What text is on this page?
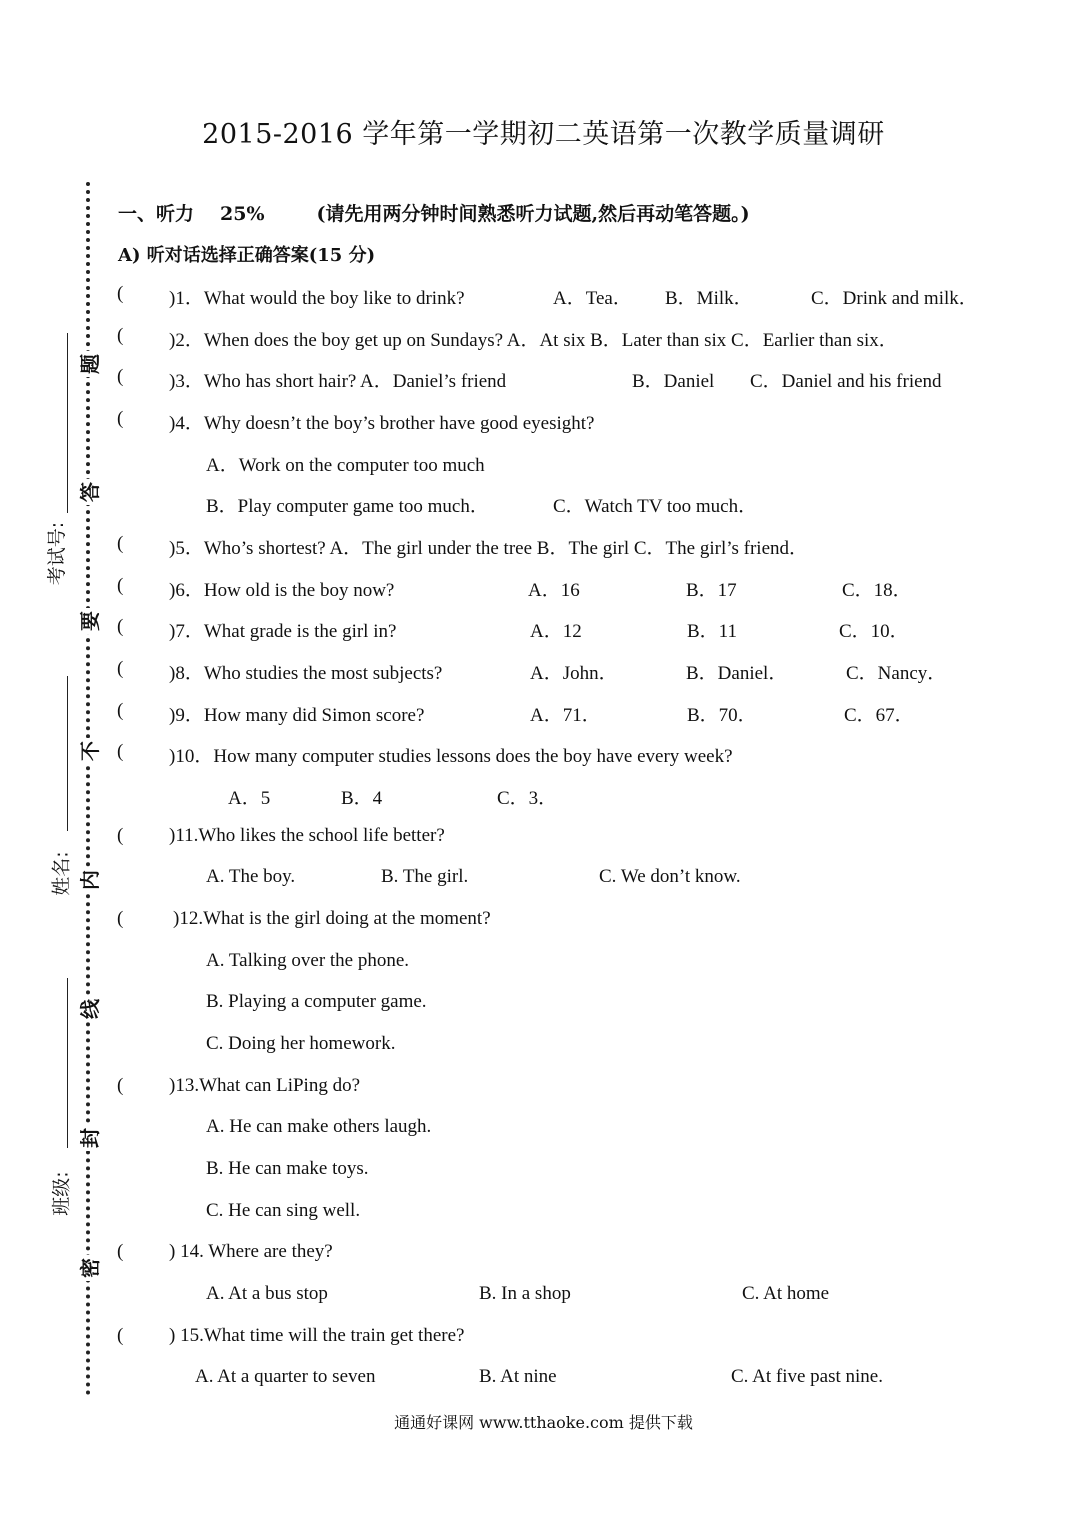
题
答
要
不
内
线
封
密
考试号:
姓名:
班级:
2015-2016 学年第一学期初二英语第一次教学质量调研
一、听力 25%	(请先用两分钟时间熟悉听力试题,然后再动笔答题。)
A) 听对话选择正确答案(15 分)
( )1．What would the boy like to drink?	A．Tea． B．Milk．	C．Drink and milk．
( )2．When does the boy get up on Sundays? A．At six B．Later than six C．Earlier than six．
( )3．Who has short hair? A．Daniel’s friend	B．Daniel C．Daniel and his friend
( )4．Why doesn’t the boy’s brother have good eyesight?
A．Work on the computer too much
B．Play computer game too much．	C．Watch TV too much．
( )5．Who’s shortest? A．The girl under the tree B．The girl C．The girl’s friend．
( )6．How old is the boy now?	A．16	B．17	C．18．
( )7．What grade is the girl in?	A．12	B．11	C．10．
( )8．Who studies the most subjects?	A．John．	B．Daniel．	C．Nancy．
( )9．How many did Simon score?	A．71．	B．70．	C．67．
( )10．How many computer studies lessons does the boy have every week?
A．5	B．4	C．3．
( )11.Who likes the school life better?
A. The boy.	B. The girl.	C. We don’t know.
(	)12.What is the girl doing at the moment?
A. Talking over the phone.
B. Playing a computer game.
C. Doing her homework.
( )13.What can LiPing do?
A. He can make others laugh.
B. He can make toys.
C. He can sing well.
( ) 14. Where are they?
A. At a bus stop	B. In a shop	C. At home
( ) 15.What time will the train get there?
A. At a quarter to seven	B. At nine	C. At five past nine.
通通好课网 www.tthaoke.com 提供下载
